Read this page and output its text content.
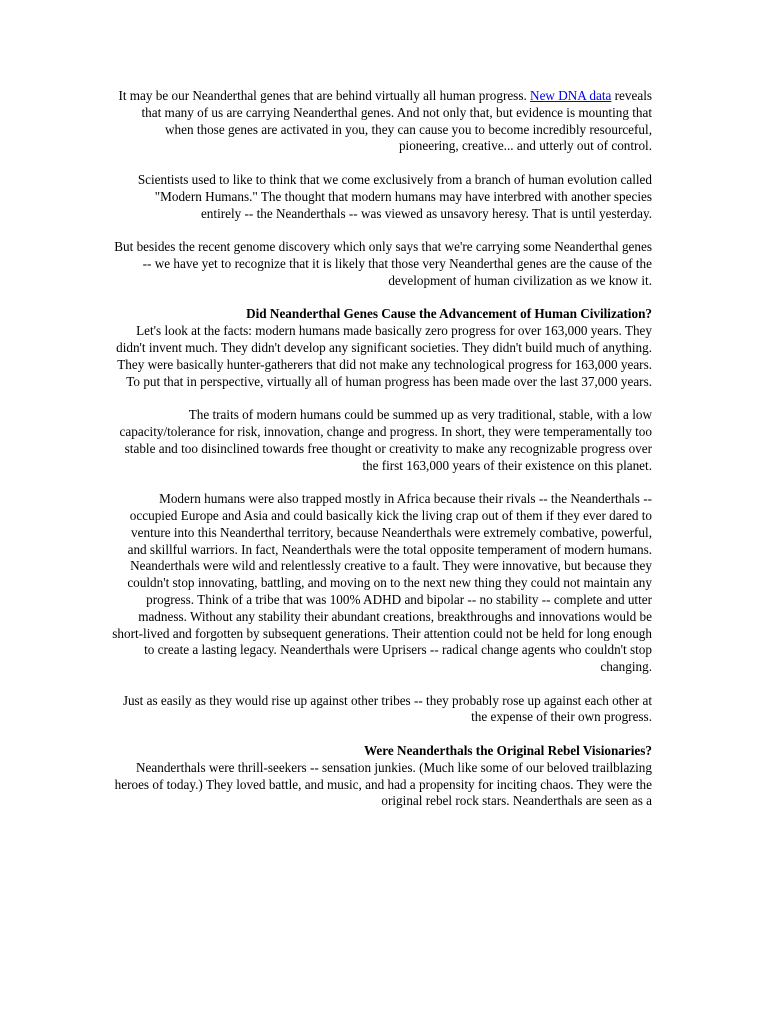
It may be our Neanderthal genes that are behind virtually all human progress. New DNA data reveals that many of us are carrying Neanderthal genes. And not only that, but evidence is mounting that when those genes are activated in you, they can cause you to become incredibly resourceful, pioneering, creative... and utterly out of control.

Scientists used to like to think that we come exclusively from a branch of human evolution called "Modern Humans." The thought that modern humans may have interbred with another species entirely -- the Neanderthals -- was viewed as unsavory heresy. That is until yesterday.

But besides the recent genome discovery which only says that we're carrying some Neanderthal genes -- we have yet to recognize that it is likely that those very Neanderthal genes are the cause of the development of human civilization as we know it.

Did Neanderthal Genes Cause the Advancement of Human Civilization?

Let's look at the facts: modern humans made basically zero progress for over 163,000 years. They didn't invent much. They didn't develop any significant societies. They didn't build much of anything. They were basically hunter-gatherers that did not make any technological progress for 163,000 years. To put that in perspective, virtually all of human progress has been made over the last 37,000 years.

The traits of modern humans could be summed up as very traditional, stable, with a low capacity/tolerance for risk, innovation, change and progress. In short, they were temperamentally too stable and too disinclined towards free thought or creativity to make any recognizable progress over the first 163,000 years of their existence on this planet.

Modern humans were also trapped mostly in Africa because their rivals -- the Neanderthals -- occupied Europe and Asia and could basically kick the living crap out of them if they ever dared to venture into this Neanderthal territory, because Neanderthals were extremely combative, powerful, and skillful warriors. In fact, Neanderthals were the total opposite temperament of modern humans. Neanderthals were wild and relentlessly creative to a fault. They were innovative, but because they couldn't stop innovating, battling, and moving on to the next new thing they could not maintain any progress. Think of a tribe that was 100% ADHD and bipolar -- no stability -- complete and utter madness. Without any stability their abundant creations, breakthroughs and innovations would be short-lived and forgotten by subsequent generations. Their attention could not be held for long enough to create a lasting legacy. Neanderthals were Uprisers -- radical change agents who couldn't stop changing.

Just as easily as they would rise up against other tribes -- they probably rose up against each other at the expense of their own progress.

Were Neanderthals the Original Rebel Visionaries?

Neanderthals were thrill-seekers -- sensation junkies. (Much like some of our beloved trailblazing heroes of today.) They loved battle, and music, and had a propensity for inciting chaos. They were the original rebel rock stars. Neanderthals are seen as a
